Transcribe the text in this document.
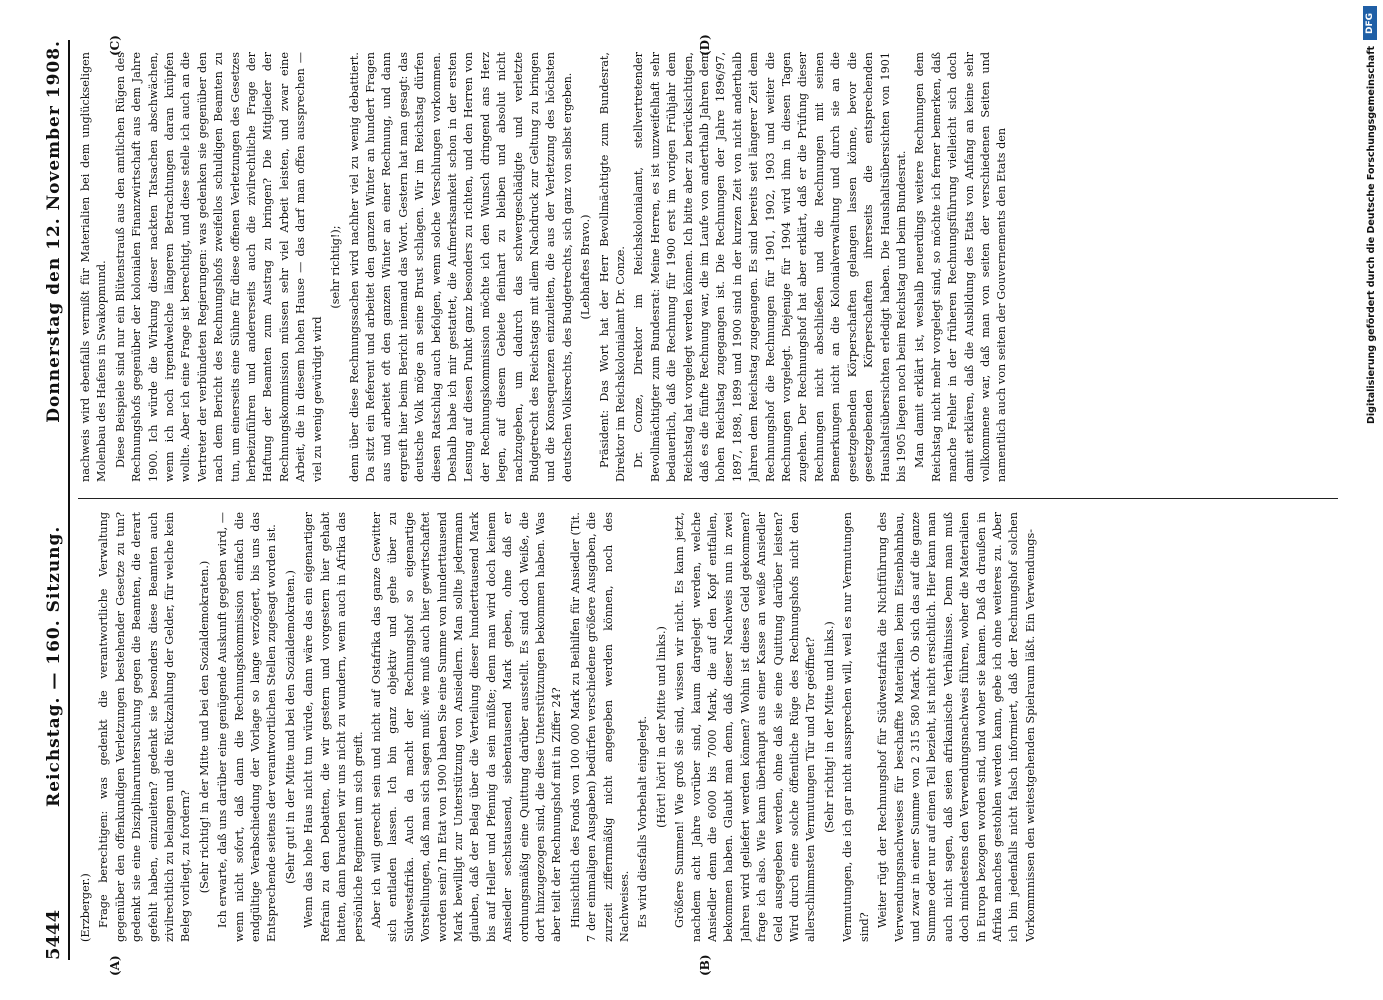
5444
Reichstag. — 160. Sitzung.
Donnerstag den 12. November 1908.
(A)	(B)
(C)	(D)

(Erzberger.) Frage berechtigen: was gedenkt die verantwortliche Verwaltung gegenüber den offenkundigen Verletzungen bestehender Gesetze zu tun? gedenkt sie eine Disziplinaruntersuchung gegen die Beamten, die derart gefehlt haben, einzuleiten? gedenkt sie besonders diese Beamten auch zivilrechtlich zu belangen und die Rückzahlung der Gelder, für welche kein Beleg vorliegt, zu fordern? (Sehr richtig! in der Mitte und bei den Sozialdemokraten.) Ich erwarte, daß uns darüber eine genügende Auskunft gegeben wird, — wenn nicht sofort, daß dann die Rechnungskommission einfach die endgültige Verabschiedung der Vorlage so lange verzögert, bis uns das Entsprechende seitens der verantwortlichen Stellen zugesagt worden ist. (Sehr gut! in der Mitte und bei den Sozialdemokraten.) Wenn das hohe Haus nicht tun würde, dann wäre das ein eigenartiger Refrain zu den Debatten, die wir gestern und vorgestern hier gehabt hatten, dann brauchen wir uns nicht zu wundern, wenn auch in Afrika das persönliche Regiment um sich greift. Aber ich will gerecht sein und nicht auf Ostafrika das ganze Gewitter sich entladen lassen. Ich bin ganz objektiv und gehe über zu Südwestafrika. Auch da macht der Rechnungshof so eigenartige Vorstellungen, daß man sich sagen muß: wie muß auch hier gewirtschaftet worden sein? Im Etat von 1900 haben Sie eine Summe von hunderttausend Mark bewilligt zur Unterstützung von Ansiedlern. Man sollte jedermann glauben, daß der Belag über die Verteilung dieser hunderttausend Mark bis auf Heller und Pfennig da sein müßte; denn man wird doch keinem Ansiedler sechstausend, siebentausend Mark geben, ohne daß er ordnungsmäßig eine Quittung darüber ausstellt. Es sind doch Weiße, die dort hinzugezogen sind, die diese Unterstützungen bekommen haben. Was aber teilt der Rechnungshof mit in Ziffer 24? Hinsichtlich des Fonds von 100 000 Mark zu Beihilfen für Ansiedler (Tit. 7 der einmaligen Ausgaben) bedürfen verschiedene größere Ausgaben, die zurzeit ziffernmäßig nicht angegeben werden können, noch des Nachweises. Es wird diesfalls Vorbehalt eingelegt. (Hört! hört! in der Mitte und links.) Größere Summen! Wie groß sie sind, wissen wir nicht. Es kann jetzt, nachdem acht Jahre vorüber sind, kaum dargelegt werden, welche Ansiedler denn die 6000 bis 7000 Mark, die auf den Kopf entfallen, bekommen haben. Glaubt man denn, daß dieser Nachweis nun in zwei Jahren wird geliefert werden können? Wohin ist dieses Geld gekommen? frage ich also. Wie kann überhaupt aus einer Kasse an weiße Ansiedler Geld ausgegeben werden, ohne daß sie eine Quittung darüber leisten? Wird durch eine solche öffentliche Rüge des Rechnungshofs nicht den allerschlimmsten Vermutungen Tür und Tor geöffnet? (Sehr richtig! in der Mitte und links.) Vermutungen, die ich gar nicht aussprechen will, weil es nur Vermutungen sind? Weiter rügt der Rechnungshof für Südwestafrika die Nichtführung des Verwendungsnachweises für beschaffte Materialien beim Eisenbahnbau, und zwar in einer Summe von 2 315 580 Mark. Ob sich das auf die ganze Summe oder nur auf einen Teil bezieht, ist nicht ersichtlich. Hier kann man auch nicht sagen, daß seien afrikanische Verhältnisse. Denn man muß doch mindestens den Verwendungsnachweis führen, woher die Materialien in Europa bezogen worden sind, und woher sie kamen. Daß da draußen in Afrika manches gestohlen werden kann, gebe ich ohne weiteres zu. Aber ich bin jedenfalls nicht falsch informiert, daß der Rechnungshof solchen Vorkommnissen den weitestgehenden Spielraum läßt. Ein Verwendungs-

nachweis wird ebenfalls vermißt für Materialien bei dem unglückseligen Molenbau des Hafens in Swakopmund. Diese Beispiele sind nur ein Blütenstrauß aus den amtlichen Rügen des Rechnungshofs gegenüber der kolonialen Finanzwirtschaft aus dem Jahre 1900. Ich würde die Wirkung dieser nackten Tatsachen abschwächen, wenn ich noch irgendwelche längeren Betrachtungen daran knüpfen wollte. Aber ich eine Frage ist berechtigt, und diese stelle ich auch an die Vertreter der verbündeten Regierungen: was gedenken sie gegenüber den nach dem Bericht des Rechnungshofs zweifellos schuldigen Beamten zu tun, um einerseits eine Sühne für diese offenen Verletzungen des Gesetzes herbeizuführen und andererseits auch die zivilrechtliche Frage der Haftung der Beamten zum Austrag zu bringen? Die Mitglieder der Rechnungskommission müssen sehr viel Arbeit leisten, und zwar eine Arbeit, die in diesem hohen Hause — das darf man offen aussprechen — viel zu wenig gewürdigt wird

(sehr richtig!); denn über diese Rechnungssachen wird nachher viel zu wenig debattiert. Da sitzt ein Referent und arbeitet den ganzen Winter an hundert Fragen aus und arbeitet oft den ganzen Winter an einer Rechnung, und dann ergreift hier beim Bericht niemand das Wort. Gestern hat man gesagt: das deutsche Volk möge an seine Brust schlagen. Wir im Reichstag dürfen diesen Ratschlag auch befolgen, wenn solche Verschlungen vorkommen. Deshalb habe ich mir gestattet, die Aufmerksamkeit schon in der ersten Lesung auf diesen Punkt ganz besonders zu richten, und den Herren von der Rechnungskommission möchte ich den Wunsch dringend ans Herz legen, auf diesem Gebiete fleinhart zu bleiben und absolut nicht nachzugeben, um dadurch das schwergeschädigte und verletzte Budgetrecht des Reichstags mit allem Nachdruck zur Geltung zu bringen und die Konsequenzen einzuleiten, die aus der Verletzung des höchsten deutschen Volksrechts, des Budgetrechts, sich ganz von selbst ergeben. (Lebhaftes Bravo.) Präsident: Das Wort hat der Herr Bevollmächtigte zum Bundesrat, Direktor im Reichskolonialamt Dr. Conze. Dr. Conze, Direktor im Reichskolonialamt, stellvertretender Bevollmächtigter zum Bundesrat: Meine Herren, es ist unzweifelhaft sehr bedauerlich, daß die Rechnung für 1900 erst im vorigen Frühjahr dem Reichstag hat vorgelegt werden können. Ich bitte aber zu berücksichtigen, daß es die fünfte Rechnung war, die im Laufe von anderthalb Jahren dem hohen Reichstag zugegangen ist. Die Rechnungen der Jahre 1896/97, 1897, 1898, 1899 und 1900 sind in der kurzen Zeit von nicht anderthalb Jahren dem Reichstag zugegangen. Es sind bereits seit längerer Zeit dem Rechnungshof die Rechnungen für 1901, 1902, 1903 und weiter die Rechnungen vorgelegt. Diejenige für 1904 wird ihm in diesen Tagen zugehen. Der Rechnungshof hat aber erklärt, daß er die Prüfung dieser Rechnungen nicht abschließen und die Rechnungen mit seinen Bemerkungen nicht an die Kolonialverwaltung und durch sie an die gesetzgebenden Körperschaften gelangen lassen könne, bevor die gesetzgebenden Körperschaften ihrerseits die entsprechenden Haushaltsübersichten erledigt haben. Die Haushaltsübersichten von 1901 bis 1905 liegen noch beim Reichstag und beim Bundesrat. Man damit erklärt ist, weshalb neuerdings weitere Rechnungen dem Reichstag nicht mehr vorgelegt sind, so möchte ich ferner bemerken, daß manche Fehler in der früheren Rechnungsführung vielleicht sich doch damit erklären, daß die Ausbildung des Etats von Anfang an keine sehr vollkommene war, daß man von seiten der verschiedenen Seiten und namentlich auch von seiten der Gouvernements den Etats den

DFG
Digitalisierung gefördert durch die Deutsche Forschungsgemeinschaft
